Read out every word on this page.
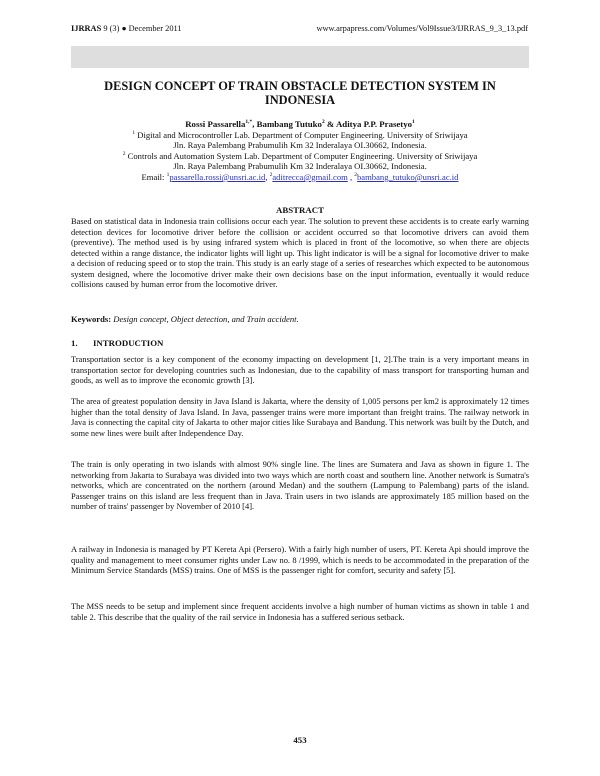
IJRRAS 9 (3) ● December 2011	www.arpapress.com/Volumes/Vol9Issue3/IJRRAS_9_3_13.pdf
DESIGN CONCEPT OF TRAIN OBSTACLE DETECTION SYSTEM IN INDONESIA
Rossi Passarella$^{1,*}$, Bambang Tutuko$^2$ & Aditya P.P. Prasetyo$^1$
$^1$ Digital and Microcontroller Lab. Department of Computer Engineering. University of Sriwijaya
Jln. Raya Palembang Prabumulih Km 32 Inderalaya OI.30662, Indonesia.
$^2$ Controls and Automation System Lab. Department of Computer Engineering. University of Sriwijaya
Jln. Raya Palembang Prabumulih Km 32 Inderalaya OI.30662, Indonesia.
Email: $^1$passarella.rossi@unsri.ac.id, $^2$aditrecca@gmail.com , $^2$bambang_tutuko@unsri.ac.id
ABSTRACT

Based on statistical data in Indonesia train collisions occur each year. The solution to prevent these accidents is to create early warning detection devices for locomotive driver before the collision or accident occurred so that locomotive drivers can avoid them (preventive). The method used is by using infrared system which is placed in front of the locomotive, so when there are objects detected within a range distance, the indicator lights will light up. This light indicator is will be a signal for locomotive driver to make a decision of reducing speed or to stop the train. This study is an early stage of a series of researches which expected to be autonomous system designed, where the locomotive driver make their own decisions base on the input information, eventually it would reduce collisions caused by human error from the locomotive driver.

Keywords: Design concept, Object detection, and Train accident.
1. INTRODUCTION

Transportation sector is a key component of the economy impacting on development [1, 2].The train is a very important means in transportation sector for developing countries such as Indonesian, due to the capability of mass transport for transporting human and goods, as well as to improve the economic growth [3].

The area of greatest population density in Java Island is Jakarta, where the density of 1,005 persons per km2 is approximately 12 times higher than the total density of Java Island. In Java, passenger trains were more important than freight trains. The railway network in Java is connecting the capital city of Jakarta to other major cities like Surabaya and Bandung. This network was built by the Dutch, and some new lines were built after Independence Day.

The train is only operating in two islands with almost 90% single line. The lines are Sumatera and Java as shown in figure 1. The networking from Jakarta to Surabaya was divided into two ways which are north coast and southern line. Another network is Sumatra's networks, which are concentrated on the northern (around Medan) and the southern (Lampung to Palembang) parts of the island. Passenger trains on this island are less frequent than in Java. Train users in two islands are approximately 185 million based on the number of trains' passenger by November of 2010 [4].

A railway in Indonesia is managed by PT Kereta Api (Persero). With a fairly high number of users, PT. Kereta Api should improve the quality and management to meet consumer rights under Law no. 8 /1999, which is needs to be accommodated in the preparation of the Minimum Service Standards (MSS) trains. One of MSS is the passenger right for comfort, security and safety [5].

The MSS needs to be setup and implement since frequent accidents involve a high number of human victims as shown in table 1 and table 2. This describe that the quality of the rail service in Indonesia has a suffered serious setback.

453
